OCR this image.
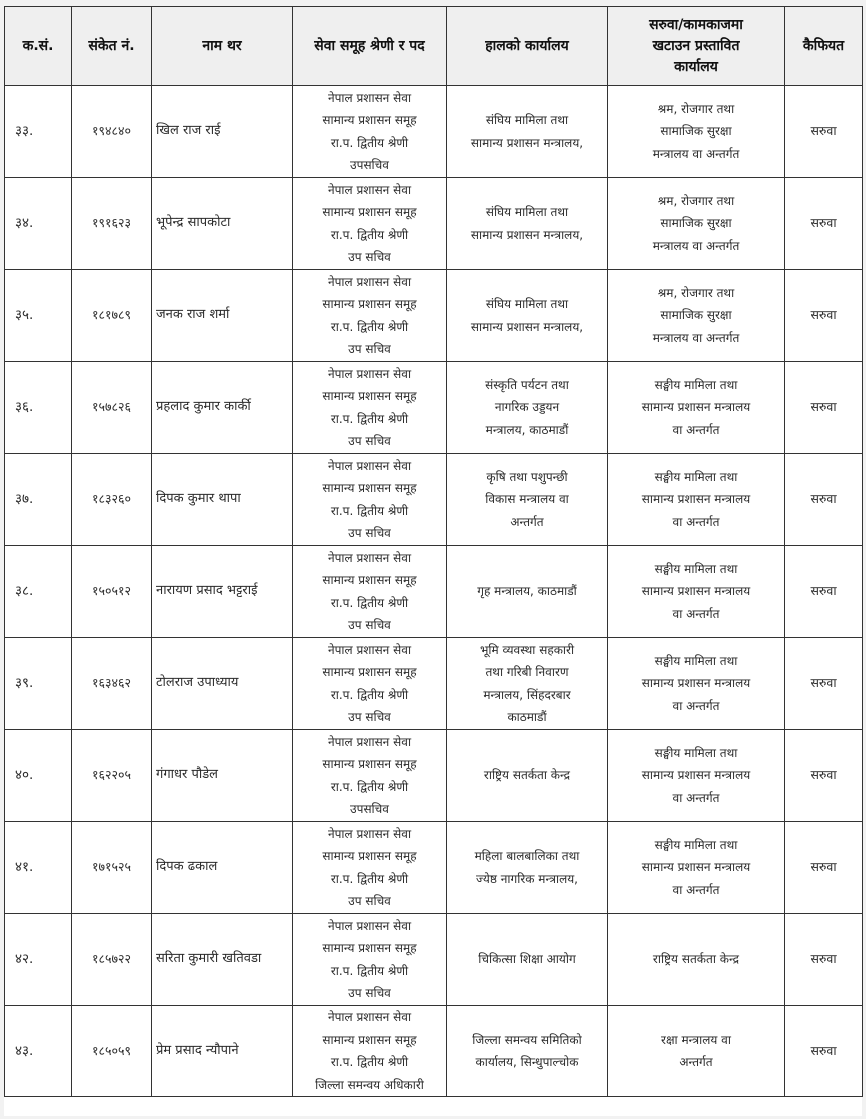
क.सं.	संकेत नं.	नाम थर	सेवा समूह श्रेणी र पद	हालको कार्यालय	सरुवा/कामकाजमा
खटाउन प्रस्तावित
कार्यालय	कैफियत
३३.	१९४८४०	खिल राज राई	नेपाल प्रशासन सेवा
सामान्य प्रशासन समूह
रा.प. द्वितीय श्रेणी
उपसचिव	संघिय मामिला तथा
सामान्य प्रशासन मन्त्रालय,	श्रम, रोजगार तथा
सामाजिक सुरक्षा
मन्त्रालय वा अन्तर्गत	सरुवा
३४.	१९१६२३	भूपेन्द्र सापकोटा	नेपाल प्रशासन सेवा
सामान्य प्रशासन समूह
रा.प. द्वितीय श्रेणी
उप सचिव	संघिय मामिला तथा
सामान्य प्रशासन मन्त्रालय,	श्रम, रोजगार तथा
सामाजिक सुरक्षा
मन्त्रालय वा अन्तर्गत	सरुवा
३५.	१८१७८९	जनक राज शर्मा	नेपाल प्रशासन सेवा
सामान्य प्रशासन समूह
रा.प. द्वितीय श्रेणी
उप सचिव	संघिय मामिला तथा
सामान्य प्रशासन मन्त्रालय,	श्रम, रोजगार तथा
सामाजिक सुरक्षा
मन्त्रालय वा अन्तर्गत	सरुवा
३६.	१५७८२६	प्रहलाद कुमार कार्की	नेपाल प्रशासन सेवा
सामान्य प्रशासन समूह
रा.प. द्वितीय श्रेणी
उप सचिव	संस्कृति पर्यटन तथा
नागरिक उड्डयन
मन्त्रालय, काठमाडौं	सङ्घीय मामिला तथा
सामान्य प्रशासन मन्त्रालय
वा अन्तर्गत	सरुवा
३७.	१८३२६०	दिपक कुमार थापा	नेपाल प्रशासन सेवा
सामान्य प्रशासन समूह
रा.प. द्वितीय श्रेणी
उप सचिव	कृषि तथा पशुपन्छी
विकास मन्त्रालय वा
अन्तर्गत	सङ्घीय मामिला तथा
सामान्य प्रशासन मन्त्रालय
वा अन्तर्गत	सरुवा
३८.	१५०५१२	नारायण प्रसाद भट्टराई	नेपाल प्रशासन सेवा
सामान्य प्रशासन समूह
रा.प. द्वितीय श्रेणी
उप सचिव	गृह मन्त्रालय, काठमाडौं	सङ्घीय मामिला तथा
सामान्य प्रशासन मन्त्रालय
वा अन्तर्गत	सरुवा
३९.	१६३४६२	टोलराज उपाध्याय	नेपाल प्रशासन सेवा
सामान्य प्रशासन समूह
रा.प. द्वितीय श्रेणी
उप सचिव	भूमि व्यवस्था सहकारी
तथा गरिबी निवारण
मन्त्रालय, सिंहदरबार
काठमाडौं	सङ्घीय मामिला तथा
सामान्य प्रशासन मन्त्रालय
वा अन्तर्गत	सरुवा
४०.	१६२२०५	गंगाधर पौडेल	नेपाल प्रशासन सेवा
सामान्य प्रशासन समूह
रा.प. द्वितीय श्रेणी
उपसचिव	राष्ट्रिय सतर्कता केन्द्र	सङ्घीय मामिला तथा
सामान्य प्रशासन मन्त्रालय
वा अन्तर्गत	सरुवा
४१.	१७१५२५	दिपक ढकाल	नेपाल प्रशासन सेवा
सामान्य प्रशासन समूह
रा.प. द्वितीय श्रेणी
उप सचिव	महिला बालबालिका तथा
ज्येष्ठ नागरिक मन्त्रालय,	सङ्घीय मामिला तथा
सामान्य प्रशासन मन्त्रालय
वा अन्तर्गत	सरुवा
४२.	१८५७२२	सरिता कुमारी खतिवडा	नेपाल प्रशासन सेवा
सामान्य प्रशासन समूह
रा.प. द्वितीय श्रेणी
उप सचिव	चिकित्सा शिक्षा आयोग	राष्ट्रिय सतर्कता केन्द्र	सरुवा
४३.	१८५०५९	प्रेम प्रसाद न्यौपाने	नेपाल प्रशासन सेवा
सामान्य प्रशासन समूह
रा.प. द्वितीय श्रेणी
जिल्ला समन्वय अधिकारी	जिल्ला समन्वय समितिको
कार्यालय, सिन्धुपाल्चोक	रक्षा मन्त्रालय वा
अन्तर्गत	सरुवा
